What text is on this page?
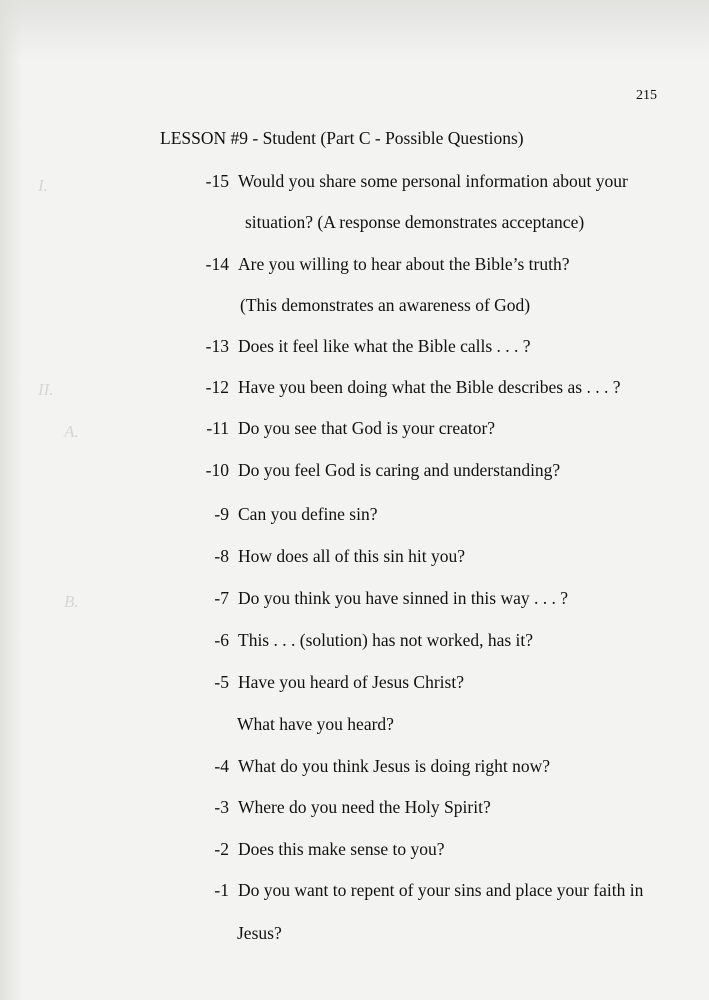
I.
II.
A.
B.
215
LESSON #9 - Student (Part C - Possible Questions)
-15 Would you share some personal information about your
situation? (A response demonstrates acceptance)
-14 Are you willing to hear about the Bible’s truth?
(This demonstrates an awareness of God)
-13 Does it feel like what the Bible calls . . . ?
-12 Have you been doing what the Bible describes as . . . ?
-11 Do you see that God is your creator?
-10 Do you feel God is caring and understanding?
-9 Can you define sin?
-8 How does all of this sin hit you?
-7 Do you think you have sinned in this way . . . ?
-6 This . . . (solution) has not worked, has it?
-5 Have you heard of Jesus Christ?
What have you heard?
-4 What do you think Jesus is doing right now?
-3 Where do you need the Holy Spirit?
-2 Does this make sense to you?
-1 Do you want to repent of your sins and place your faith in
Jesus?
